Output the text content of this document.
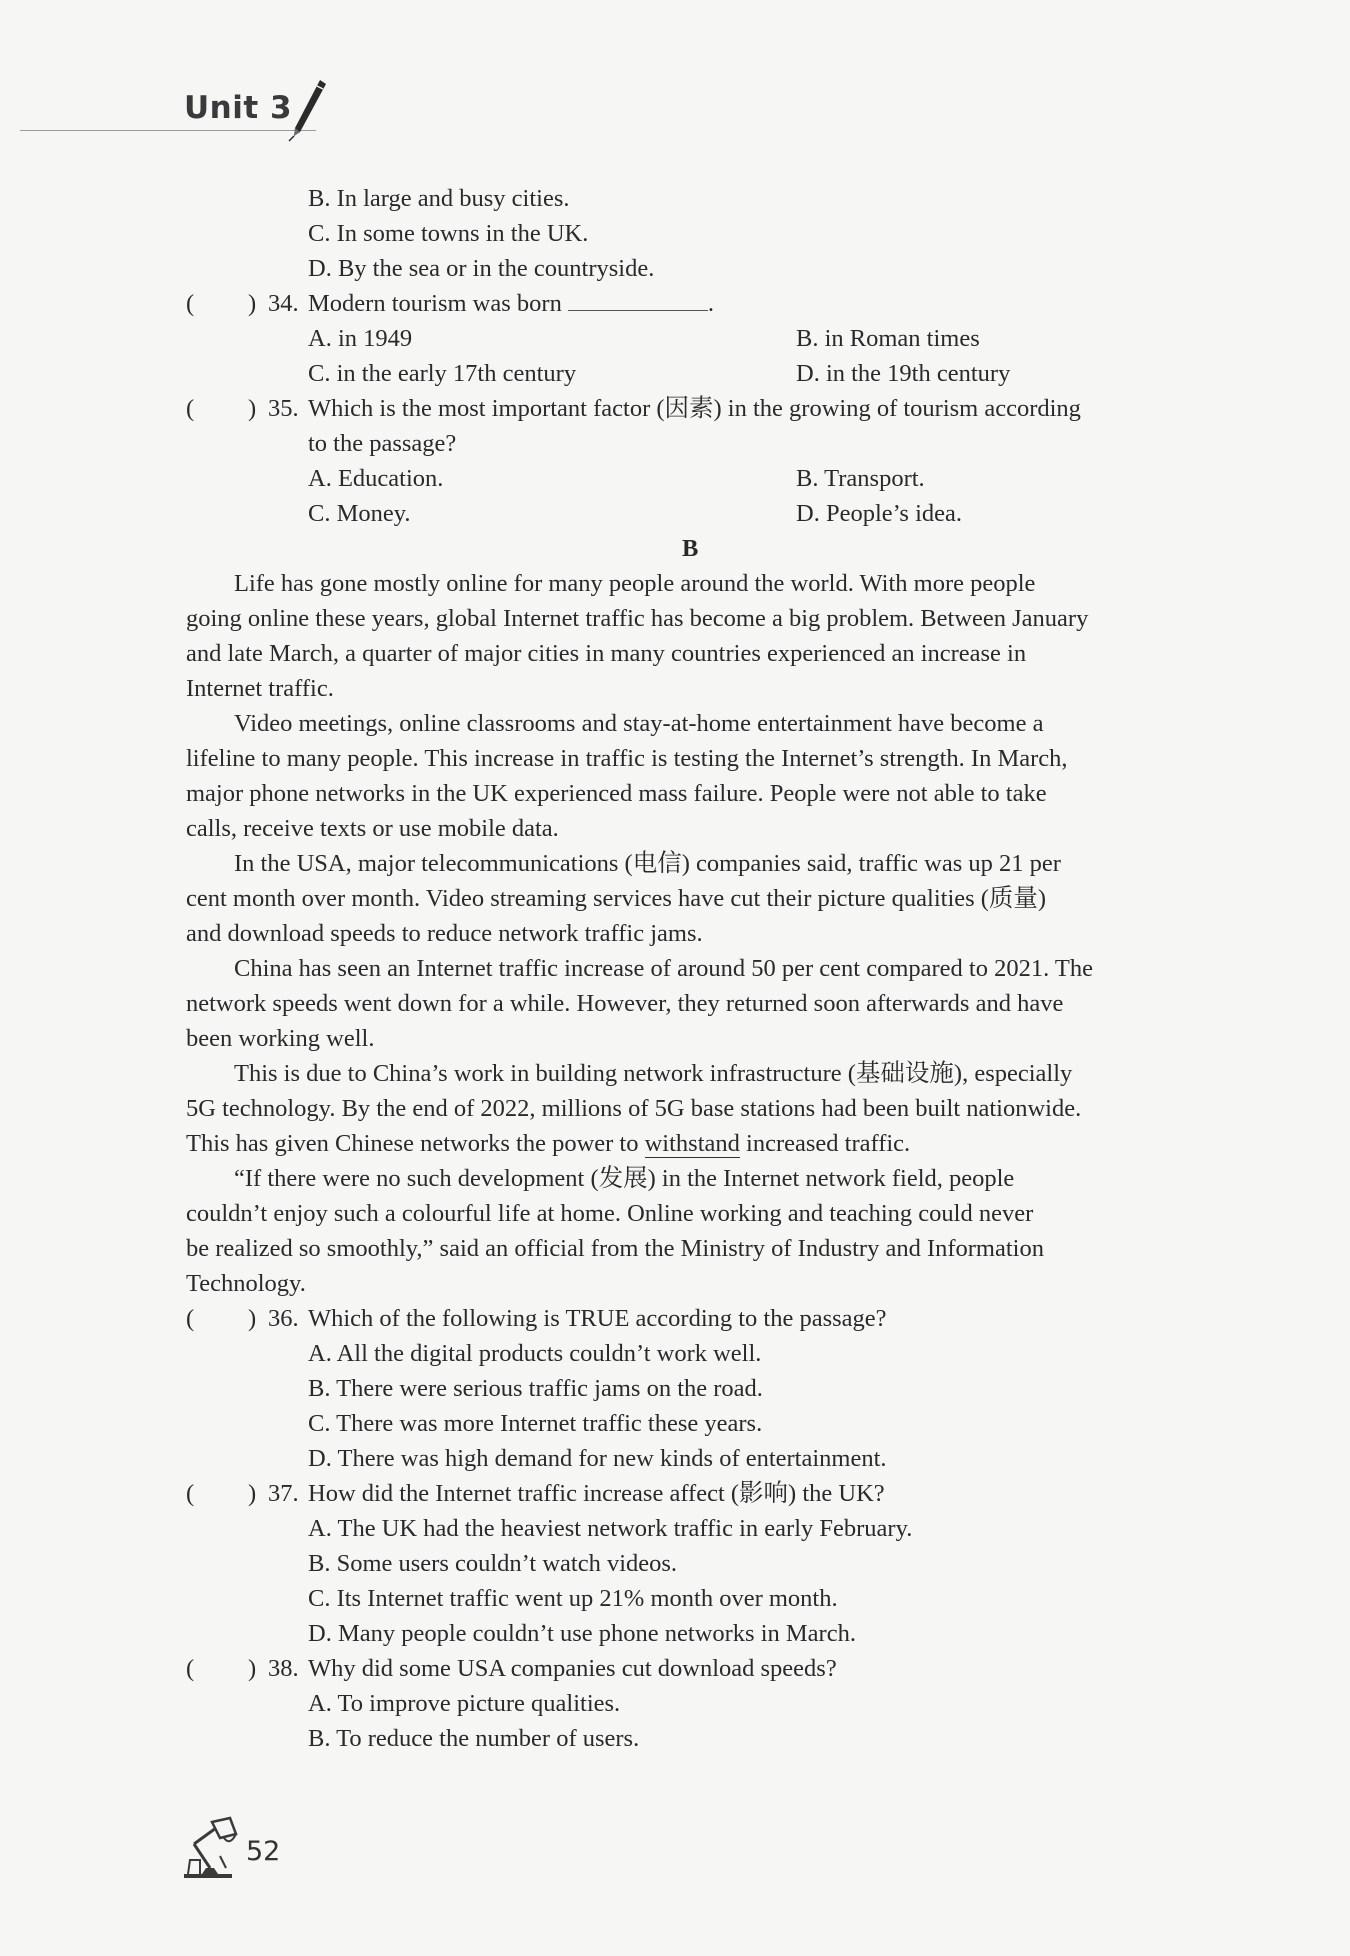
Unit 3
B. In large and busy cities.
C. In some towns in the UK.
D. By the sea or in the countryside.
( ) 34. Modern tourism was born	.
A. in 1949	B. in Roman times
C. in the early 17th century	D. in the 19th century
( ) 35. Which is the most important factor (因素) in the growing of tourism according
to the passage?
A. Education.	B. Transport.
C. Money.	D. People’s idea.
B
Life has gone mostly online for many people around the world. With more people
going online these years, global Internet traffic has become a big problem. Between January
and late March, a quarter of major cities in many countries experienced an increase in
Internet traffic.
Video meetings, online classrooms and stay-at-home entertainment have become a
lifeline to many people. This increase in traffic is testing the Internet’s strength. In March,
major phone networks in the UK experienced mass failure. People were not able to take
calls, receive texts or use mobile data.
In the USA, major telecommunications (电信) companies said, traffic was up 21 per
cent month over month. Video streaming services have cut their picture qualities (质量)
and download speeds to reduce network traffic jams.
China has seen an Internet traffic increase of around 50 per cent compared to 2021. The
network speeds went down for a while. However, they returned soon afterwards and have
been working well.
This is due to China’s work in building network infrastructure (基础设施), especially
5G technology. By the end of 2022, millions of 5G base stations had been built nationwide.
This has given Chinese networks the power to withstand increased traffic.
“If there were no such development (发展) in the Internet network field, people
couldn’t enjoy such a colourful life at home. Online working and teaching could never
be realized so smoothly,” said an official from the Ministry of Industry and Information
Technology.
( ) 36. Which of the following is TRUE according to the passage?
A. All the digital products couldn’t work well.
B. There were serious traffic jams on the road.
C. There was more Internet traffic these years.
D. There was high demand for new kinds of entertainment.
( ) 37. How did the Internet traffic increase affect (影响) the UK?
A. The UK had the heaviest network traffic in early February.
B. Some users couldn’t watch videos.
C. Its Internet traffic went up 21% month over month.
D. Many people couldn’t use phone networks in March.
( ) 38. Why did some USA companies cut download speeds?
A. To improve picture qualities.
B. To reduce the number of users.
52
